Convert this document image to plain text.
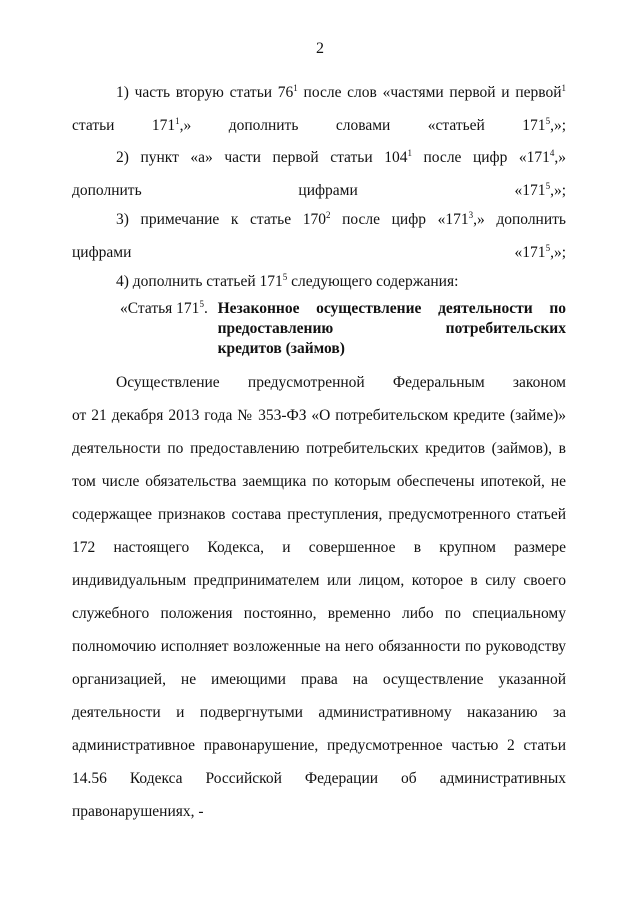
2

1) часть вторую статьи $76^1$ после слов «частями первой и первой$^1$ статьи $171^1$,» дополнить словами «статьей $171^5$,»;

2) пункт «а» части первой статьи $104^1$ после цифр «$171^4$,» дополнить цифрами «$171^5$,»;

3) примечание к статье $170^2$ после цифр «$171^3$,» дополнить цифрами «$171^5$,»;

4) дополнить статьей $171^5$ следующего содержания:

«Статья $171^5$. Незаконное осуществление деятельности по предоставлению потребительских
кредитов (займов)
Осуществление предусмотренной Федеральным законом
от 21 декабря 2013 года № 353-ФЗ «О потребительском кредите (займе)»
деятельности по предоставлению потребительских кредитов (займов), в
том числе обязательства заемщика по которым обеспечены ипотекой, не
содержащее признаков состава преступления, предусмотренного статьей
172 настоящего Кодекса, и совершенное в крупном размере
индивидуальным предпринимателем или лицом, которое в силу своего
служебного положения постоянно, временно либо по специальному
полномочию исполняет возложенные на него обязанности по руководству
организацией, не имеющими права на осуществление указанной
деятельности и подвергнутыми административному наказанию за
административное правонарушение, предусмотренное частью 2 статьи
14.56 Кодекса Российской Федерации об административных
правонарушениях, -
